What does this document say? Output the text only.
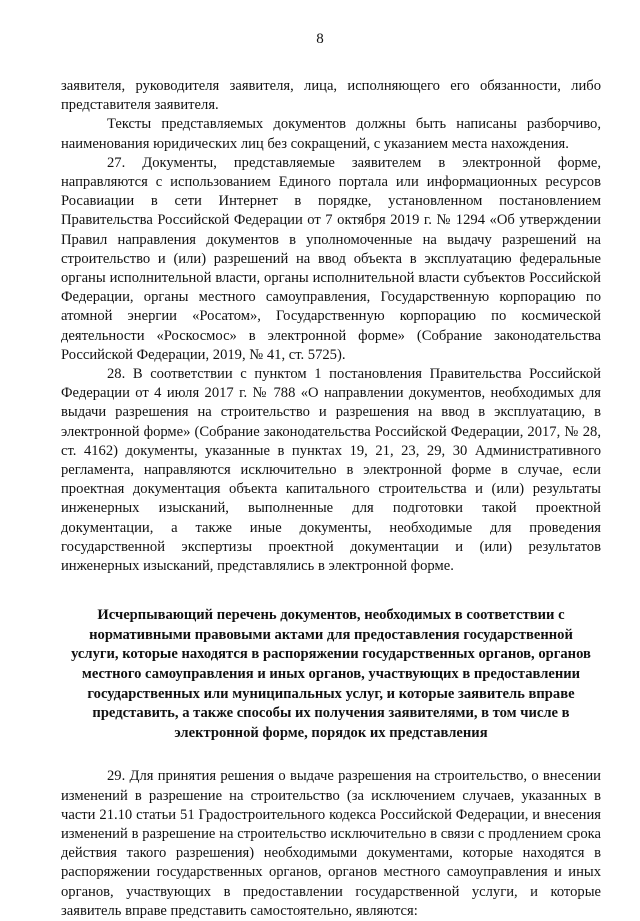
8

заявителя, руководителя заявителя, лица, исполняющего его обязанности, либо представителя заявителя.

Тексты представляемых документов должны быть написаны разборчиво, наименования юридических лиц без сокращений, с указанием места нахождения.

27. Документы, представляемые заявителем в электронной форме, направляются с использованием Единого портала или информационных ресурсов Росавиации в сети Интернет в порядке, установленном постановлением Правительства Российской Федерации от 7 октября 2019 г. № 1294 «Об утверждении Правил направления документов в уполномоченные на выдачу разрешений на строительство и (или) разрешений на ввод объекта в эксплуатацию федеральные органы исполнительной власти, органы исполнительной власти субъектов Российской Федерации, органы местного самоуправления, Государственную корпорацию по атомной энергии «Росатом», Государственную корпорацию по космической деятельности «Роскосмос» в электронной форме» (Собрание законодательства Российской Федерации, 2019, № 41, ст. 5725).

28. В соответствии с пунктом 1 постановления Правительства Российской Федерации от 4 июля 2017 г. № 788 «О направлении документов, необходимых для выдачи разрешения на строительство и разрешения на ввод в эксплуатацию, в электронной форме» (Собрание законодательства Российской Федерации, 2017, № 28, ст. 4162) документы, указанные в пунктах 19, 21, 23, 29, 30 Административного регламента, направляются исключительно в электронной форме в случае, если проектная документация объекта капитального строительства и (или) результаты инженерных изысканий, выполненные для подготовки такой проектной документации, а также иные документы, необходимые для проведения государственной экспертизы проектной документации и (или) результатов инженерных изысканий, представлялись в электронной форме.

Исчерпывающий перечень документов, необходимых в соответствии с нормативными правовыми актами для предоставления государственной услуги, которые находятся в распоряжении государственных органов, органов местного самоуправления и иных органов, участвующих в предоставлении государственных или муниципальных услуг, и которые заявитель вправе представить, а также способы их получения заявителями, в том числе в электронной форме, порядок их представления

29. Для принятия решения о выдаче разрешения на строительство, о внесении изменений в разрешение на строительство (за исключением случаев, указанных в части 21.10 статьи 51 Градостроительного кодекса Российской Федерации, и внесения изменений в разрешение на строительство исключительно в связи с продлением срока действия такого разрешения) необходимыми документами, которые находятся в распоряжении государственных органов, органов местного самоуправления и иных органов, участвующих в предоставлении государственной услуги, и которые заявитель вправе представить самостоятельно, являются:
